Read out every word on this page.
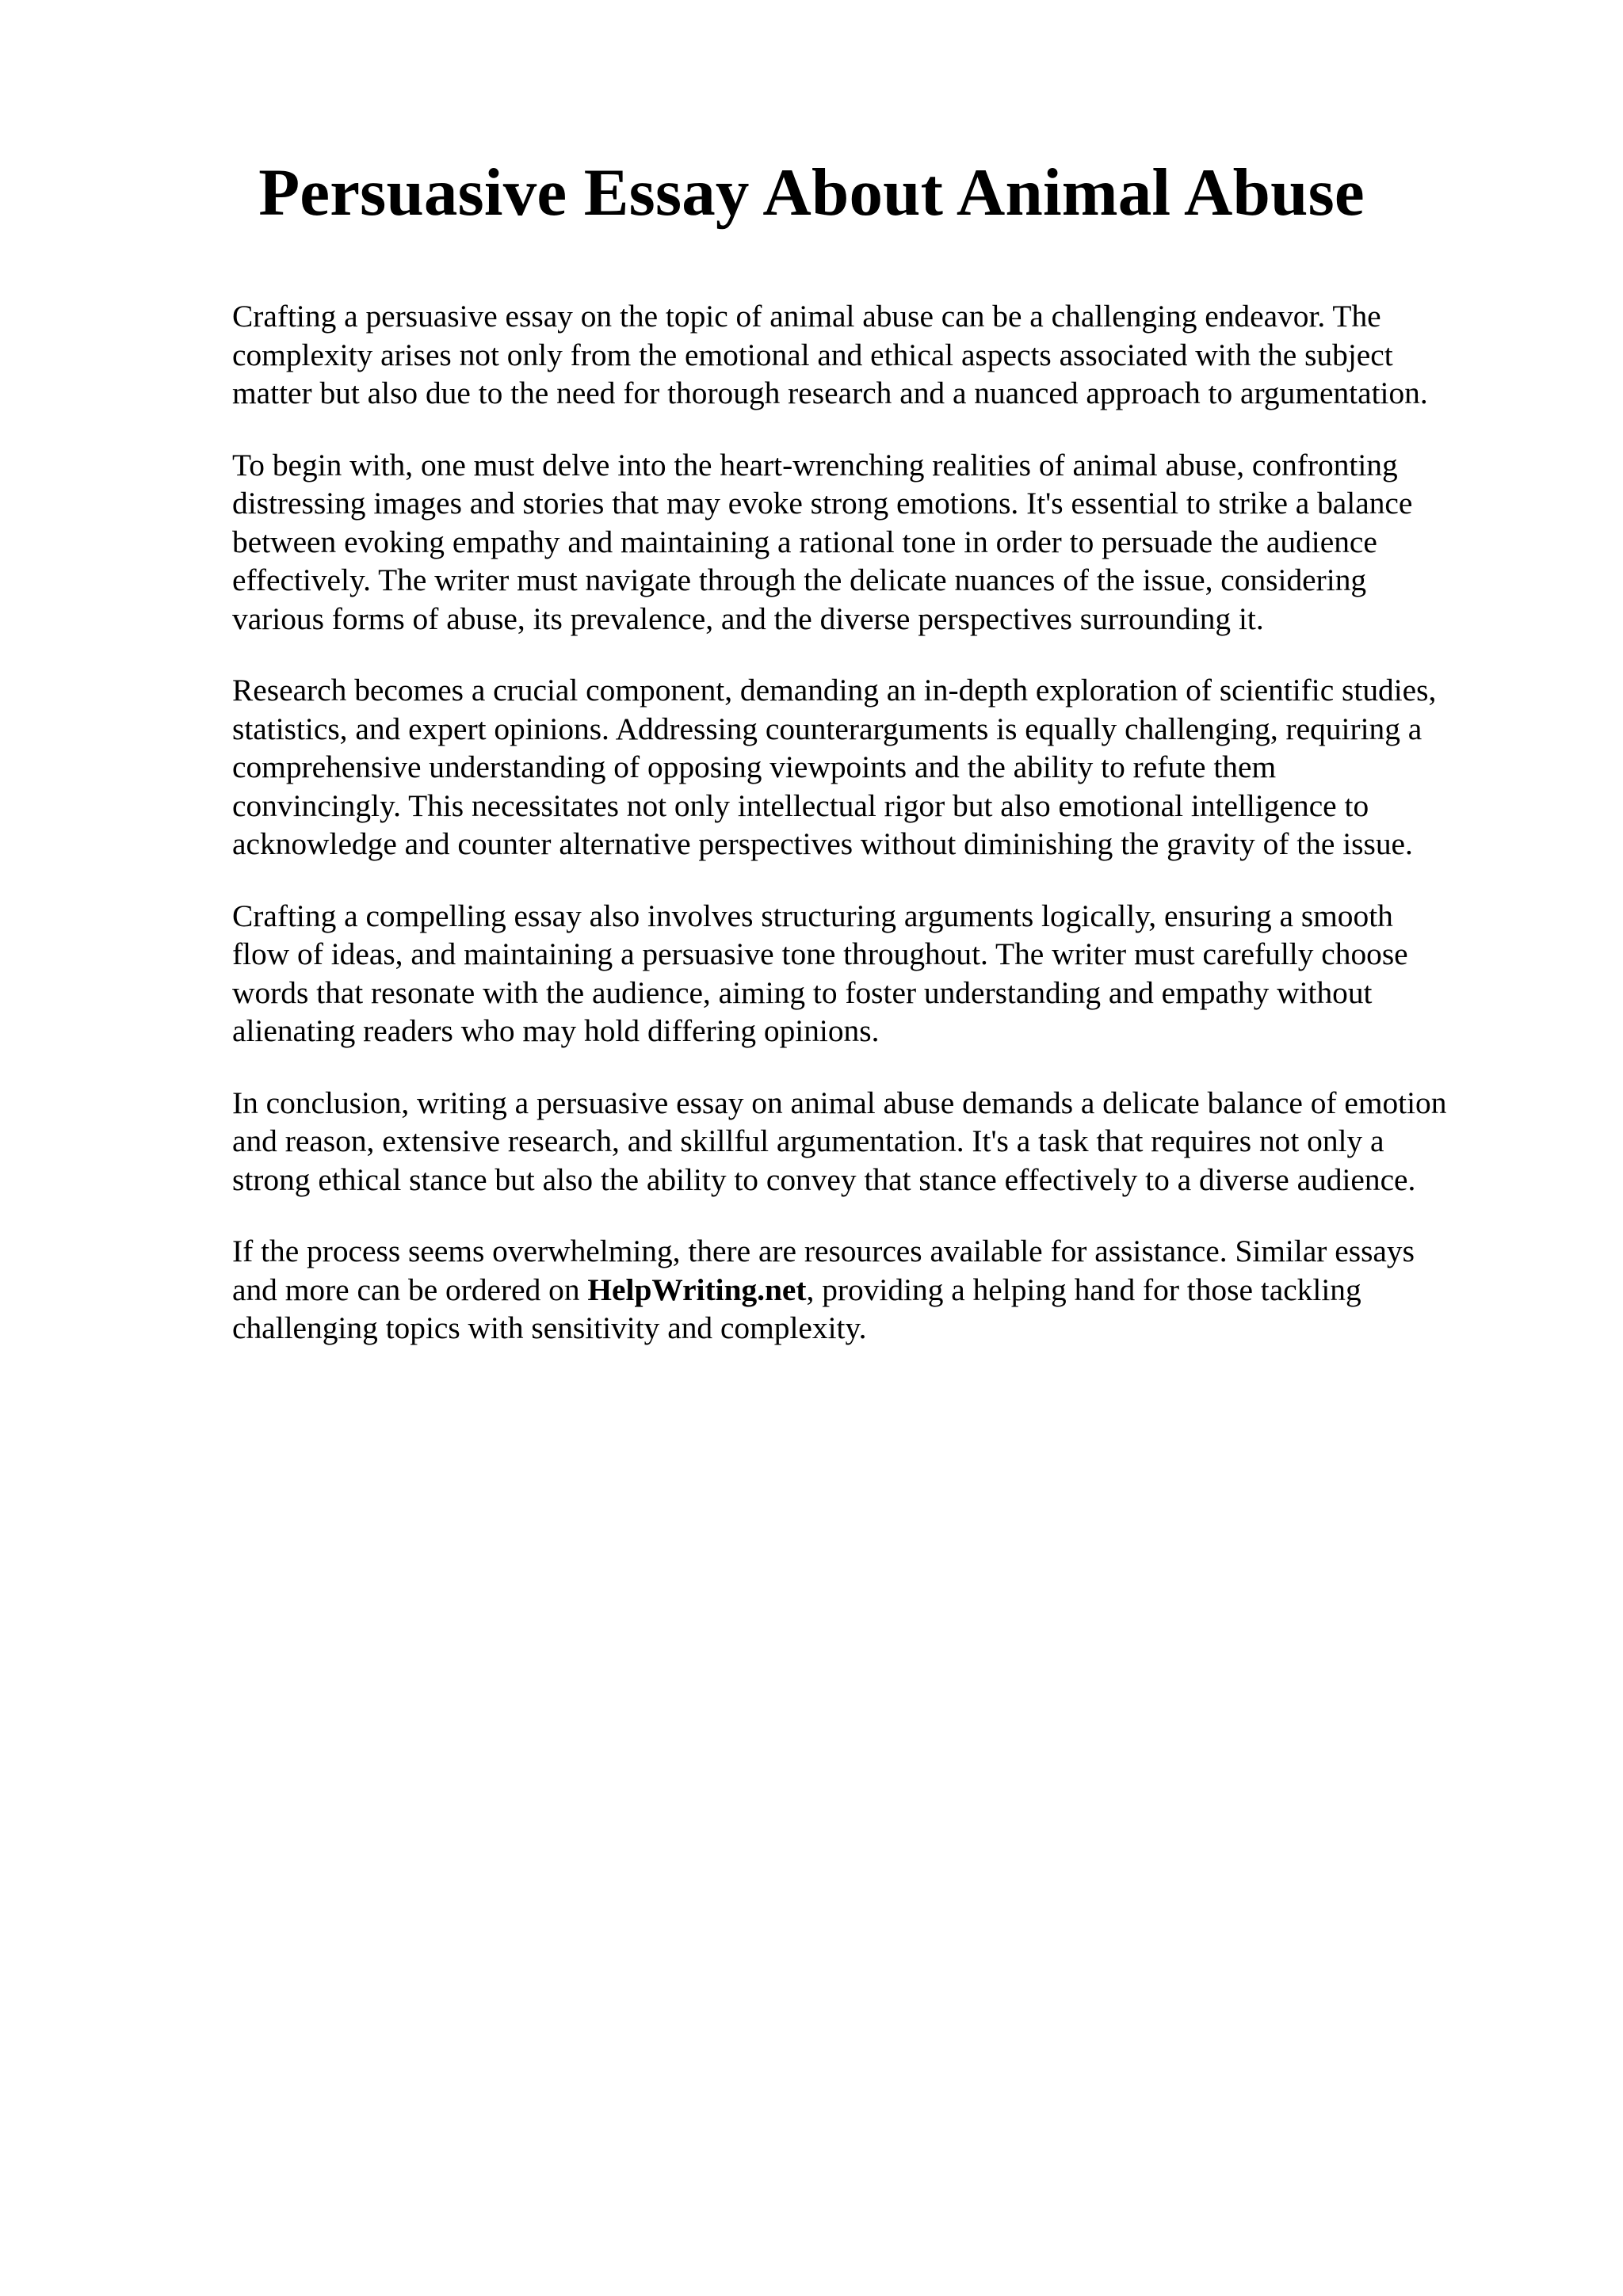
Persuasive Essay About Animal Abuse

Crafting a persuasive essay on the topic of animal abuse can be a challenging endeavor. The
complexity arises not only from the emotional and ethical aspects associated with the subject
matter but also due to the need for thorough research and a nuanced approach to argumentation.

To begin with, one must delve into the heart-wrenching realities of animal abuse, confronting
distressing images and stories that may evoke strong emotions. It's essential to strike a balance
between evoking empathy and maintaining a rational tone in order to persuade the audience
effectively. The writer must navigate through the delicate nuances of the issue, considering
various forms of abuse, its prevalence, and the diverse perspectives surrounding it.

Research becomes a crucial component, demanding an in-depth exploration of scientific studies,
statistics, and expert opinions. Addressing counterarguments is equally challenging, requiring a
comprehensive understanding of opposing viewpoints and the ability to refute them
convincingly. This necessitates not only intellectual rigor but also emotional intelligence to
acknowledge and counter alternative perspectives without diminishing the gravity of the issue.

Crafting a compelling essay also involves structuring arguments logically, ensuring a smooth
flow of ideas, and maintaining a persuasive tone throughout. The writer must carefully choose
words that resonate with the audience, aiming to foster understanding and empathy without
alienating readers who may hold differing opinions.

In conclusion, writing a persuasive essay on animal abuse demands a delicate balance of emotion
and reason, extensive research, and skillful argumentation. It's a task that requires not only a
strong ethical stance but also the ability to convey that stance effectively to a diverse audience.

If the process seems overwhelming, there are resources available for assistance. Similar essays
and more can be ordered on HelpWriting.net, providing a helping hand for those tackling
challenging topics with sensitivity and complexity.
